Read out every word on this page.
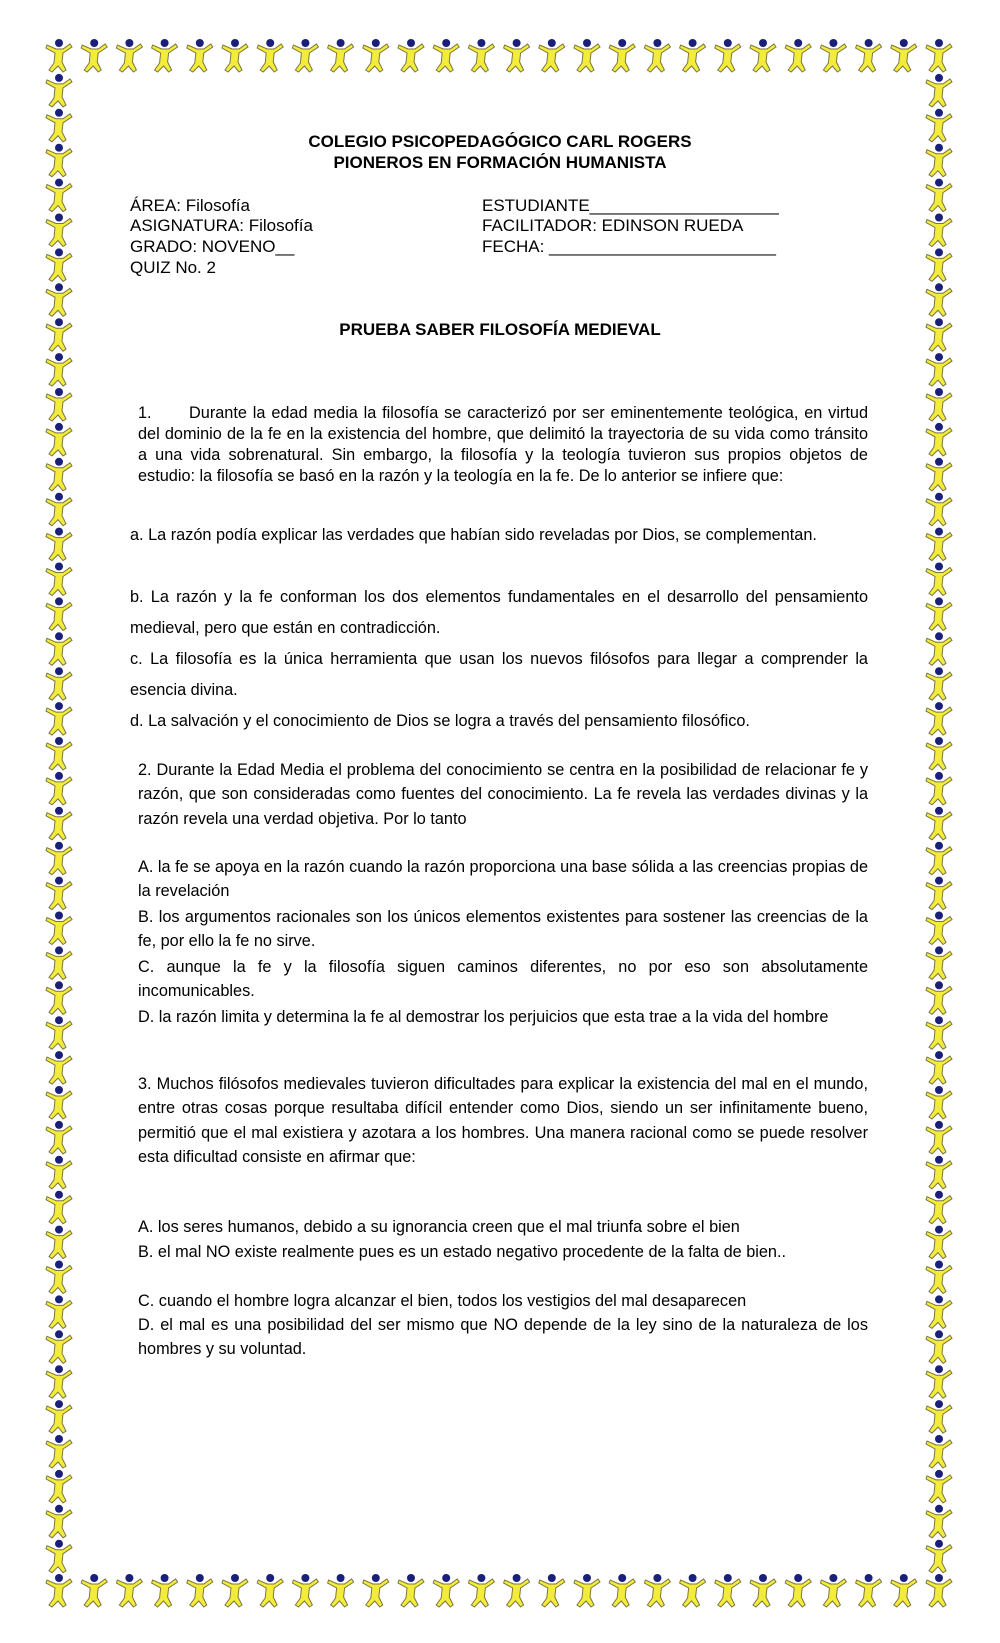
COLEGIO PSICOPEDAGÓGICO CARL ROGERS
PIONEROS EN FORMACIÓN HUMANISTA
ÁREA: Filosofía
ASIGNATURA: Filosofía
GRADO: NOVENO__
QUIZ No. 2
ESTUDIANTE____________________
FACILITADOR: EDINSON RUEDA
FECHA: ________________________
PRUEBA SABER FILOSOFÍA MEDIEVAL
1. Durante la edad media la filosofía se caracterizó por ser eminentemente teológica, en virtud del dominio de la fe en la existencia del hombre, que delimitó la trayectoria de su vida como tránsito a una vida sobrenatural. Sin embargo, la filosofía y la teología tuvieron sus propios objetos de estudio: la filosofía se basó en la razón y la teología en la fe. De lo anterior se infiere que:
a. La razón podía explicar las verdades que habían sido reveladas por Dios, se complementan.
b. La razón y la fe conforman los dos elementos fundamentales en el desarrollo del pensamiento medieval, pero que están en contradicción.
c. La filosofía es la única herramienta que usan los nuevos filósofos para llegar a comprender la esencia divina.
d. La salvación y el conocimiento de Dios se logra a través del pensamiento filosófico.
2. Durante la Edad Media el problema del conocimiento se centra en la posibilidad de relacionar fe y razón, que son consideradas como fuentes del conocimiento. La fe revela las verdades divinas y la razón revela una verdad objetiva. Por lo tanto
A. la fe se apoya en la razón cuando la razón proporciona una base sólida a las creencias propias de la revelación
B. los argumentos racionales son los únicos elementos existentes para sostener las creencias de la fe, por ello la fe no sirve.
C. aunque la fe y la filosofía siguen caminos diferentes, no por eso son absolutamente incomunicables.
D. la razón limita y determina la fe al demostrar los perjuicios que esta trae a la vida del hombre
3. Muchos filósofos medievales tuvieron dificultades para explicar la existencia del mal en el mundo, entre otras cosas porque resultaba difícil entender como Dios, siendo un ser infinitamente bueno, permitió que el mal existiera y azotara a los hombres. Una manera racional como se puede resolver esta dificultad consiste en afirmar que:
A. los seres humanos, debido a su ignorancia creen que el mal triunfa sobre el bien
B. el mal NO existe realmente pues es un estado negativo procedente de la falta de bien..
C. cuando el hombre logra alcanzar el bien, todos los vestigios del mal desaparecen
D. el mal es una posibilidad del ser mismo que NO depende de la ley sino de la naturaleza de los hombres y su voluntad.
